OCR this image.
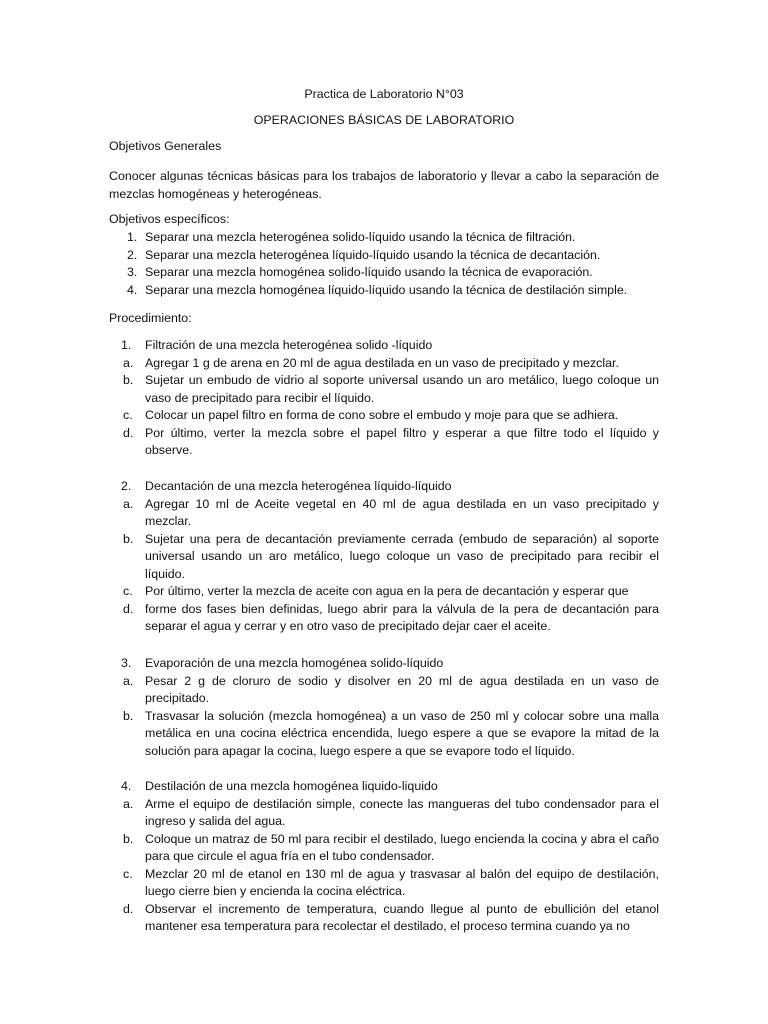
Practica de Laboratorio N°03
OPERACIONES BÁSICAS DE LABORATORIO
Objetivos Generales
Conocer algunas técnicas básicas para los trabajos de laboratorio y llevar a cabo la separación de mezclas homogéneas y heterogéneas.
Objetivos específicos:
1. Separar una mezcla heterogénea solido-líquido usando la técnica de filtración.
2. Separar una mezcla heterogénea líquido-líquido usando la técnica de decantación.
3. Separar una mezcla homogénea solido-líquido usando la técnica de evaporación.
4. Separar una mezcla homogénea líquido-líquido usando la técnica de destilación simple.
Procedimiento:
1. Filtración de una mezcla heterogénea solido -líquido
a. Agregar 1 g de arena en 20 ml de agua destilada en un vaso de precipitado y mezclar.
b. Sujetar un embudo de vidrio al soporte universal usando un aro metálico, luego coloque un vaso de precipitado para recibir el líquido.
c. Colocar un papel filtro en forma de cono sobre el embudo y moje para que se adhiera.
d. Por último, verter la mezcla sobre el papel filtro y esperar a que filtre todo el líquido y observe.
2. Decantación de una mezcla heterogénea líquido-líquido
a. Agregar 10 ml de Aceite vegetal en 40 ml de agua destilada en un vaso precipitado y mezclar.
b. Sujetar una pera de decantación previamente cerrada (embudo de separación) al soporte universal usando un aro metálico, luego coloque un vaso de precipitado para recibir el líquido.
c. Por último, verter la mezcla de aceite con agua en la pera de decantación y esperar que
d. forme dos fases bien definidas, luego abrir para la válvula de la pera de decantación para separar el agua y cerrar y en otro vaso de precipitado dejar caer el aceite.
3. Evaporación de una mezcla homogénea solido-líquido
a. Pesar 2 g de cloruro de sodio y disolver en 20 ml de agua destilada en un vaso de precipitado.
b. Trasvasar la solución (mezcla homogénea) a un vaso de 250 ml y colocar sobre una malla metálica en una cocina eléctrica encendida, luego espere a que se evapore la mitad de la solución para apagar la cocina, luego espere a que se evapore todo el líquido.
4. Destilación de una mezcla homogénea liquido-liquido
a. Arme el equipo de destilación simple, conecte las mangueras del tubo condensador para el ingreso y salida del agua.
b. Coloque un matraz de 50 ml para recibir el destilado, luego encienda la cocina y abra el caño para que circule el agua fría en el tubo condensador.
c. Mezclar 20 ml de etanol en 130 ml de agua y trasvasar al balón del equipo de destilación, luego cierre bien y encienda la cocina eléctrica.
d. Observar el incremento de temperatura, cuando llegue al punto de ebullición del etanol mantener esa temperatura para recolectar el destilado, el proceso termina cuando ya no
